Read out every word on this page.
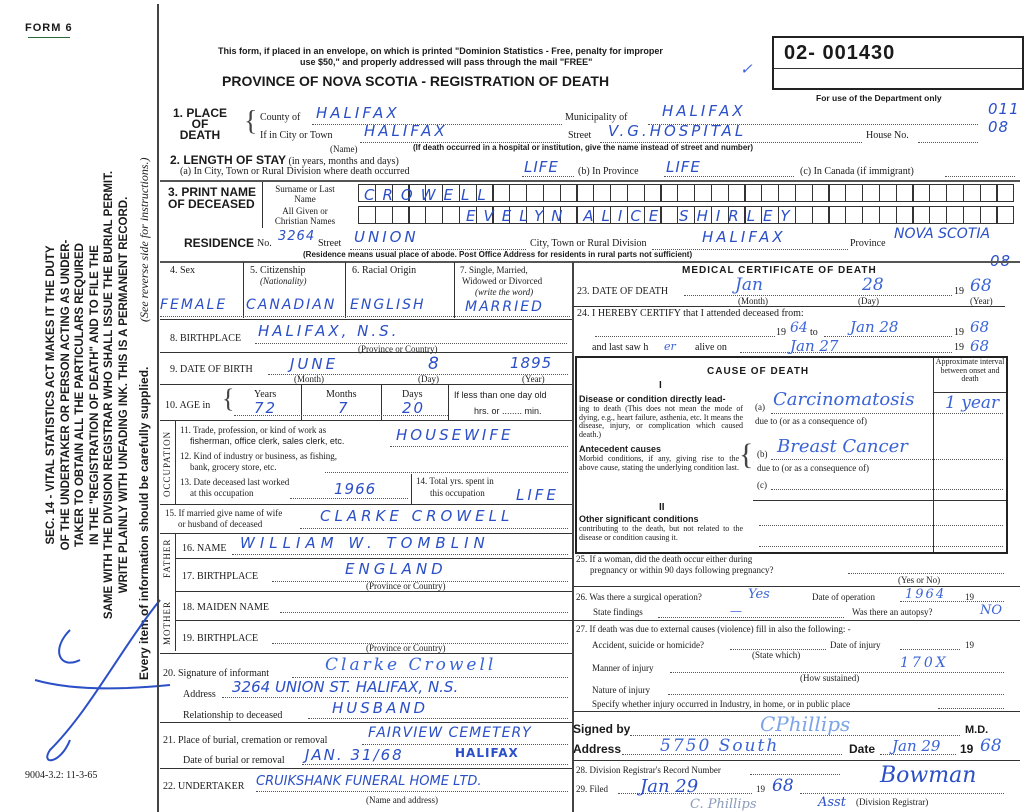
FORM 6
SEC. 14 - VITAL STATISTICS ACT MAKES IT THE DUTY OF THE UNDERTAKER OR PERSON ACTING AS UNDER- TAKER TO OBTAIN ALL THE PARTICULARS REQUIRED IN THE "REGISTRATION OF DEATH" AND TO FILE THE SAME WITH THE DIVISION REGISTRAR WHO SHALL ISSUE THE BURIAL PERMIT. WRITE PLAINLY WITH UNFADING INK. THIS IS A PERMANENT RECORD. Every item of information should be carefully supplied.
(See reverse side for instructions.)
9004-3.2: 11-3-65
This form, if placed in an envelope, on which is printed "Dominion Statistics - Free, penalty for improper
use $50," and properly addressed will pass through the mail "FREE"
PROVINCE OF NOVA SCOTIA - REGISTRATION OF DEATH
✓
02- 001430
For use of the Department only
011
08
08
1. PLACE OF DEATH { County of HALIFAX	Municipality of HALIFAX
If in City or Town HALIFAX
(Name)
Street V.G.HOSPITAL	House No.
(If death occurred in a hospital or institution, give the name instead of street and number)
2. LENGTH OF STAY (in years, months and days)
(a) In City, Town or Rural Division where death occurred	LIFE (b) In Province LIFE	(c) In Canada (if immigrant)
3. PRINT NAME OF DECEASED
Surname or Last Name
All Given or Christian Names
CROWELL
EVELYN ALICE SHIRLEY
RESIDENCE No. 3264 Street UNION	City, Town or Rural Division	HALIFAX	Province
NOVA SCOTIA
(Residence means usual place of abode. Post Office Address for residents in rural parts not sufficient)
4. Sex	5. Citizenship
(Nationality)
6. Racial Origin	7. Single, Married,
Widowed or Divorced
(write the word)
FEMALE CANADIAN ENGLISH	MARRIED
8. BIRTHPLACE HALIFAX, N.S.
(Province or Country)
9. DATE OF BIRTH JUNE	8	1895
(Month)	(Day)	(Year)
10. AGE in { Years	Months	Days
72	7	20
If less than one day old
hrs. or ........ min.
OCCUPATION
11. Trade, profession, or kind of work as
fisherman, office clerk, sales clerk, etc.	HOUSEWIFE
12. Kind of industry or business, as fishing,
bank, grocery store, etc.
13. Date deceased last worked
at this occupation	1966	14. Total yrs. spent in
this occupation LIFE
15. If married give name of wife
or husband of deceased	CLARKE CROWELL
FATHER
MOTHER
16. NAME WILLIAM W. TOMBLIN
17. BIRTHPLACE	ENGLAND
(Province or Country)
18. MAIDEN NAME
19. BIRTHPLACE
(Province or Country)
20. Signature of informant	Clarke Crowell
Address 3264 UNION ST. HALIFAX, N.S.
Relationship to deceased	HUSBAND
21. Place of burial, cremation or removal	FAIRVIEW CEMETERY
Date of burial or removal JAN. 31/68	HALIFAX
22. UNDERTAKER CRUIKSHANK FUNERAL HOME LTD.
(Name and address)
MEDICAL CERTIFICATE OF DEATH
23. DATE OF DEATH	Jan	28	19 68
(Month)	(Day)	(Year)
24. I HEREBY CERTIFY that I attended deceased from:
19 64 to Jan 28	19 68
and last saw h er alive on	Jan 27	19 68
CAUSE OF DEATH
I
Approximate interval between onset and death
Disease or condition directly lead-
ing to death (This does not mean the mode of dying, e.g., heart failure, asthenia, etc. It means the disease, injury, or complication which caused death.)
(a) Carcinomatosis 1 year
due to (or as a consequence of)
Antecedent causes
Morbid conditions, if any, giving rise to the above cause, stating the underlying condition last. { (b) Breast Cancer
due to (or as a consequence of)
(c)
II
Other significant conditions
contributing to the death, but not related to the disease or condition causing it.
25. If a woman, did the death occur either during
pregnancy or within 90 days following pregnancy?
(Yes or No)
26. Was there a surgical operation?	Yes	Date of operation 1964 19
State findings	—	Was there an autopsy?	NO
27. If death was due to external causes (violence) fill in also the following: -
Accident, suicide or homicide?
(State which)
Date of injury	19
Manner of injury	170X
(How sustained)
Nature of injury
Specify whether injury occurred in Industry, in home, or in public place
Signed by	CPhillips	M.D.
Address 5750 South	Date Jan 29 19 68
28. Division Registrar's Record Number
29. Filed Jan 29	19 68	Bowman
Asst (Division Registrar)
C. Phillips
